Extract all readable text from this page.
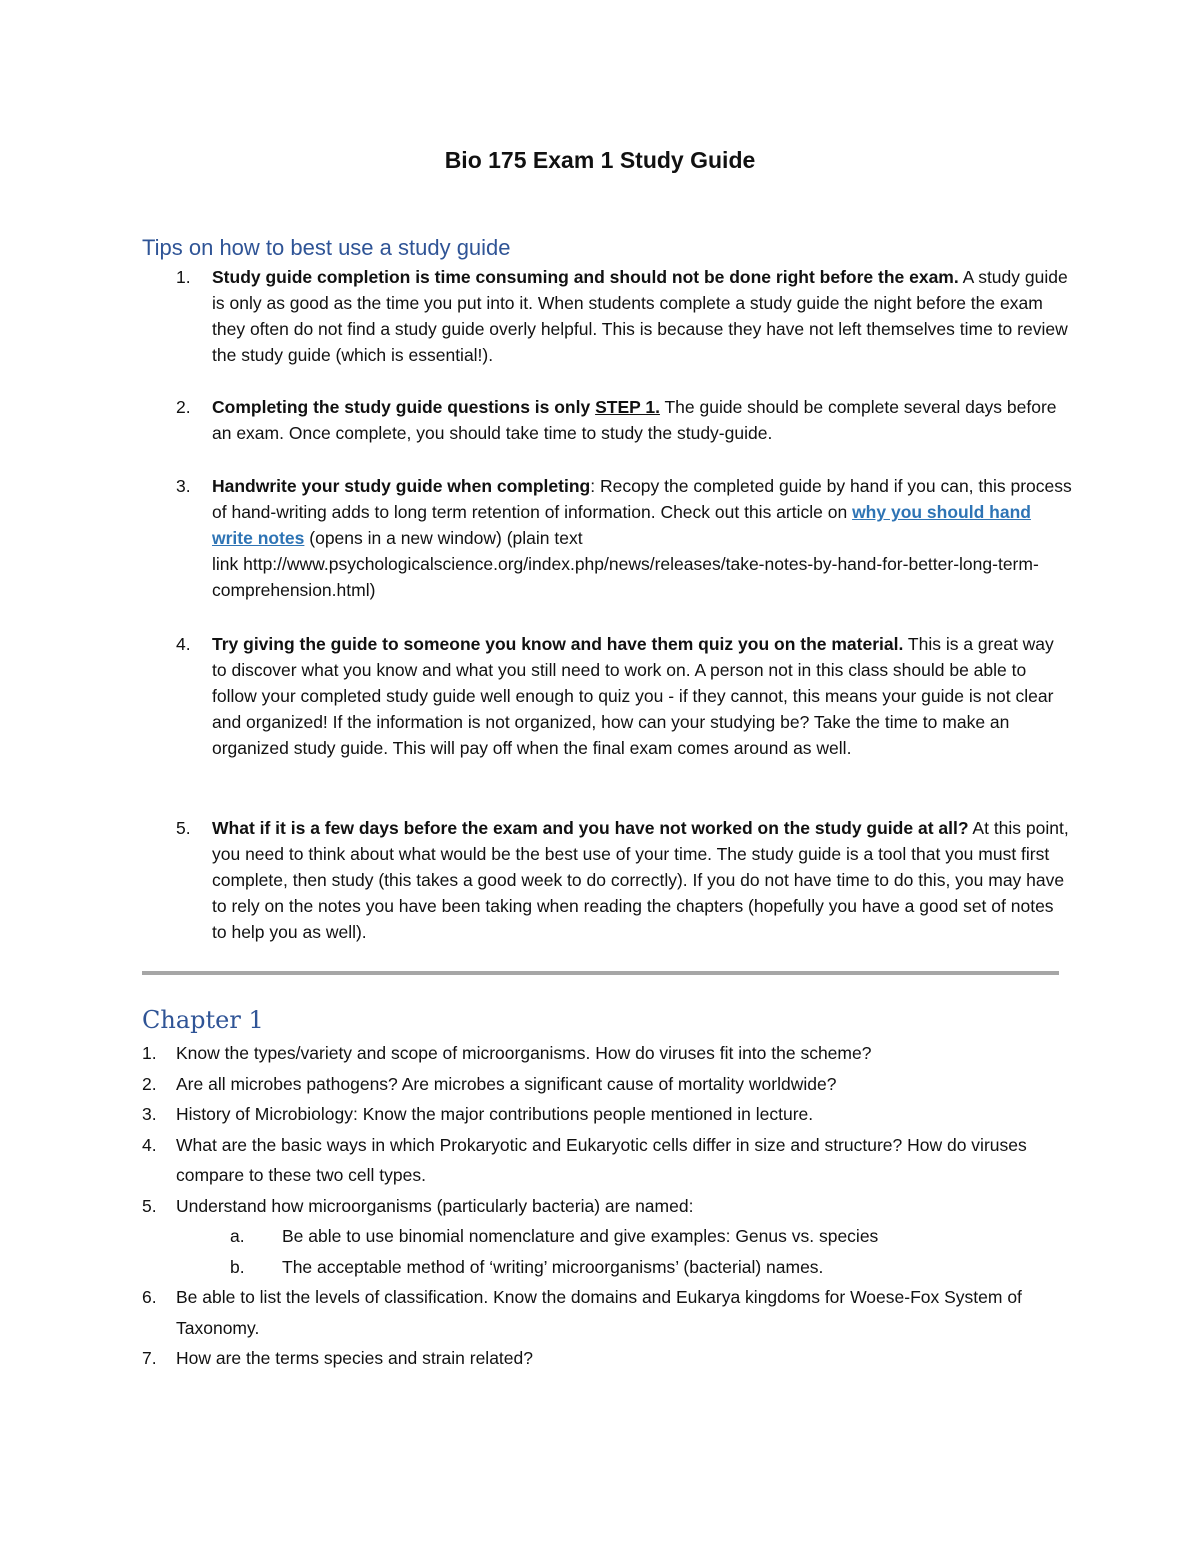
Bio 175 Exam 1 Study Guide
Tips on how to best use a study guide
1. Study guide completion is time consuming and should not be done right before the exam. A study guide is only as good as the time you put into it. When students complete a study guide the night before the exam they often do not find a study guide overly helpful. This is because they have not left themselves time to review the study guide (which is essential!).
2. Completing the study guide questions is only STEP 1. The guide should be complete several days before an exam. Once complete, you should take time to study the study-guide.
3. Handwrite your study guide when completing: Recopy the completed guide by hand if you can, this process of hand-writing adds to long term retention of information. Check out this article on why you should hand write notes (opens in a new window) (plain text
link http://www.psychologicalscience.org/index.php/news/releases/take-notes-by-hand-for-better-long-term-comprehension.html)
4. Try giving the guide to someone you know and have them quiz you on the material. This is a great way to discover what you know and what you still need to work on. A person not in this class should be able to follow your completed study guide well enough to quiz you - if they cannot, this means your guide is not clear and organized! If the information is not organized, how can your studying be? Take the time to make an organized study guide. This will pay off when the final exam comes around as well.
5. What if it is a few days before the exam and you have not worked on the study guide at all? At this point, you need to think about what would be the best use of your time. The study guide is a tool that you must first complete, then study (this takes a good week to do correctly). If you do not have time to do this, you may have to rely on the notes you have been taking when reading the chapters (hopefully you have a good set of notes to help you as well).
Chapter 1
1. Know the types/variety and scope of microorganisms. How do viruses fit into the scheme?
2. Are all microbes pathogens? Are microbes a significant cause of mortality worldwide?
3. History of Microbiology: Know the major contributions people mentioned in lecture.
4. What are the basic ways in which Prokaryotic and Eukaryotic cells differ in size and structure? How do viruses compare to these two cell types.
5. Understand how microorganisms (particularly bacteria) are named:
a. Be able to use binomial nomenclature and give examples: Genus vs. species
b. The acceptable method of ‘writing’ microorganisms’ (bacterial) names.
6. Be able to list the levels of classification. Know the domains and Eukarya kingdoms for Woese-Fox System of Taxonomy.
7. How are the terms species and strain related?
